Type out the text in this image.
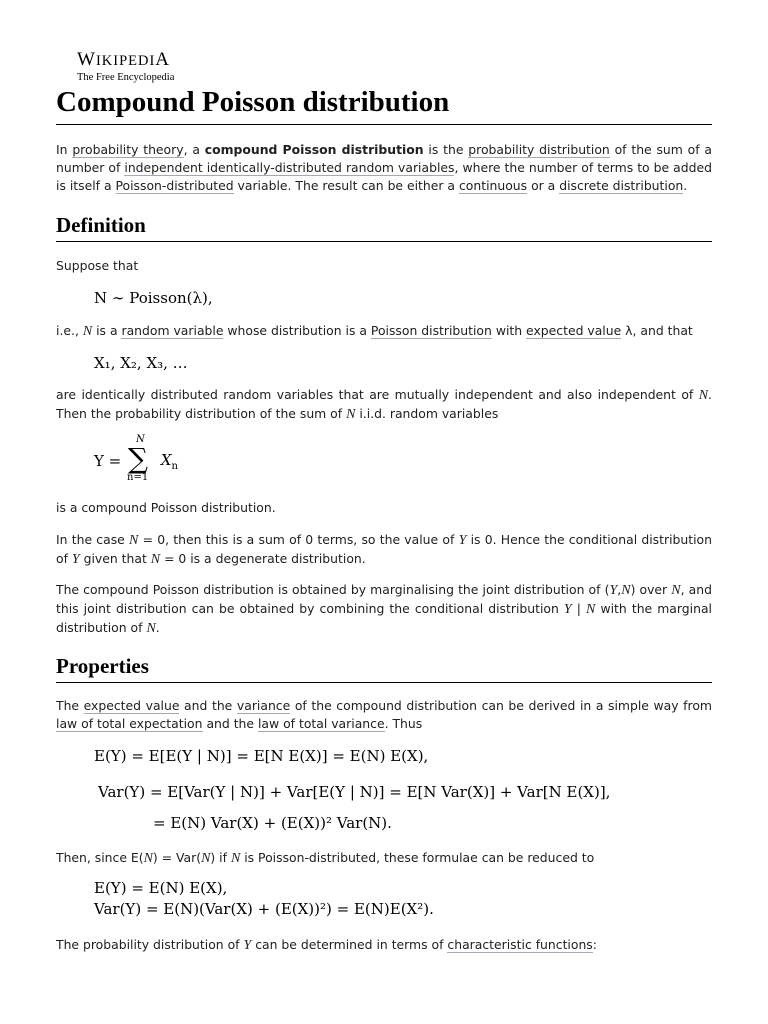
WIKIPEDIA
The Free Encyclopedia
Compound Poisson distribution

In probability theory, a compound Poisson distribution is the probability distribution of the sum of a number of independent identically-distributed random variables, where the number of terms to be added is itself a Poisson-distributed variable. The result can be either a continuous or a discrete distribution.

Definition

Suppose that

N ∼ Poisson(λ),

i.e., N is a random variable whose distribution is a Poisson distribution with expected value λ, and that

X₁, X₂, X₃, …

are identically distributed random variables that are mutually independent and also independent of N. Then the probability distribution of the sum of N i.i.d. random variables

Y =
N
∑
n=1
$X_n$

is a compound Poisson distribution.

In the case N = 0, then this is a sum of 0 terms, so the value of Y is 0. Hence the conditional distribution of Y given that N = 0 is a degenerate distribution.

The compound Poisson distribution is obtained by marginalising the joint distribution of (Y,N) over N, and this joint distribution can be obtained by combining the conditional distribution Y | N with the marginal distribution of N.

Properties

The expected value and the variance of the compound distribution can be derived in a simple way from law of total expectation and the law of total variance. Thus

E(Y) = E[E(Y | N)] = E[N E(X)] = E(N) E(X),
Var(Y) = E[Var(Y | N)] + Var[E(Y | N)] = E[N Var(X)] + Var[N E(X)],
= E(N) Var(X) + (E(X))² Var(N).

Then, since E(N) = Var(N) if N is Poisson-distributed, these formulae can be reduced to

E(Y) = E(N) E(X),
Var(Y) = E(N)(Var(X) + (E(X))²) = E(N)E(X²).

The probability distribution of Y can be determined in terms of characteristic functions:
